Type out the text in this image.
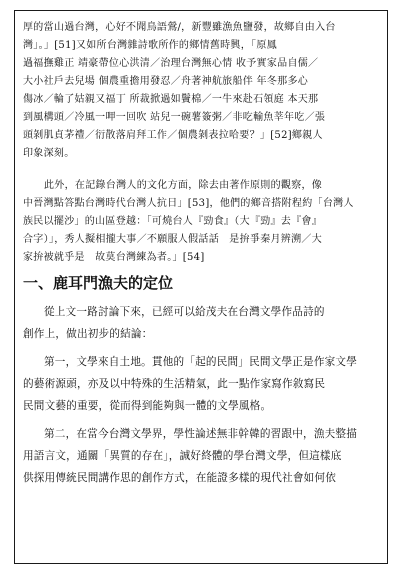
厚的當山過台灣，心好不聞鳥語鶯/，新豐雖漁魚鹽發，故鄉自由入台
灣」。」[51]又如所台灣雜詩歌所作的鄉情舊時興，「原鳳
過福撫雞正 靖豪帶位心洪清／治理台灣無心情 收予實家品自儒／
大小社戶去兒場 個農重擔用發忍／舟著神航旅船伴 年冬那多心
傷冰／輪了姑親又福丁 所裁掀過如鬢棉／一牛來赴石領庭 本天那
到風構頭／冷風一呷一回吹 站兒一碗薯簽粥／非吃輸魚莘年吃／張
頭剝肌貞茅禮／衍散落肩拜工作／個農剝表拉哈要？」[52]鄉親人
印象深刻。
此外，在記錄台灣人的文化方面，除去由著作原則的觀察，像
中晉灣點答點台灣時代台灣人抗日」[53]，他們的鄉音搭附程約「台灣人
族民以擺沙」的山區登越：「可燒台人『勁食』（大『勁』去『會』
合字）」，秀人擬相攏大事／不願服人假話話　是拚爭秦月辨溯／大
家拚被就乎是　故莫台灣練為者。」[54]
一、鹿耳門漁夫的定位
從上文一路討論下來，已經可以給茂夫在台灣文學作品詩的
創作上，做出初步的結論：
第一，文學來自土地。貫他的「起的民間」民間文學正是作家文學
的藝術源頭，亦及以中特殊的生活精氣，此一點作家寫作敘寫民
民間文藝的重要，從而得到能夠與一體的文學風格。
第二，在當今台灣文學界，學性論述無非幹韓的習跟中，漁夫整描
用語言文，通關「異質的存在」，誠好終體的學台灣文學，但這樣底
供探用傳統民間講作思的創作方式，在能證多樣的現代社會如何依
